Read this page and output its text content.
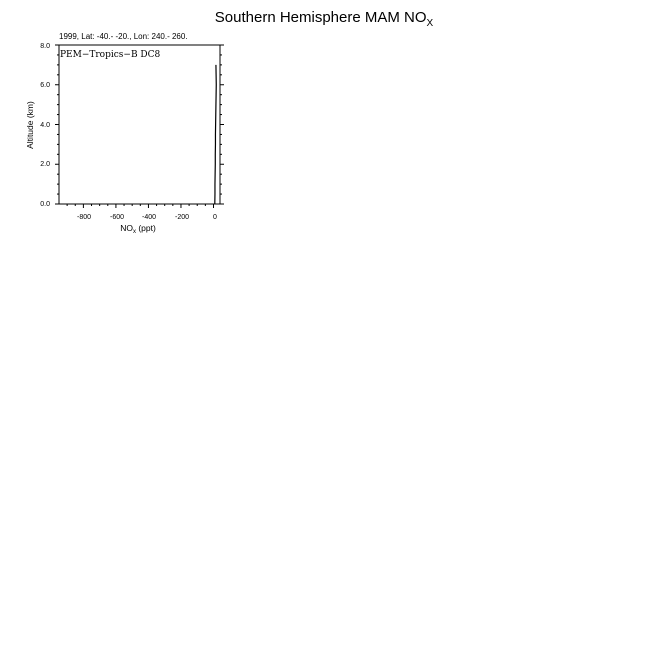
Southern Hemisphere MAM $NO_X$
1999, Lat: -40.- -20., Lon: 240.- 260.
0.0
2.0
4.0
6.0
8.0
-800	-600	-400	-200	0
$NO_x$ (ppt)
Altitude (km)
PEM−Tropics−B DC8
